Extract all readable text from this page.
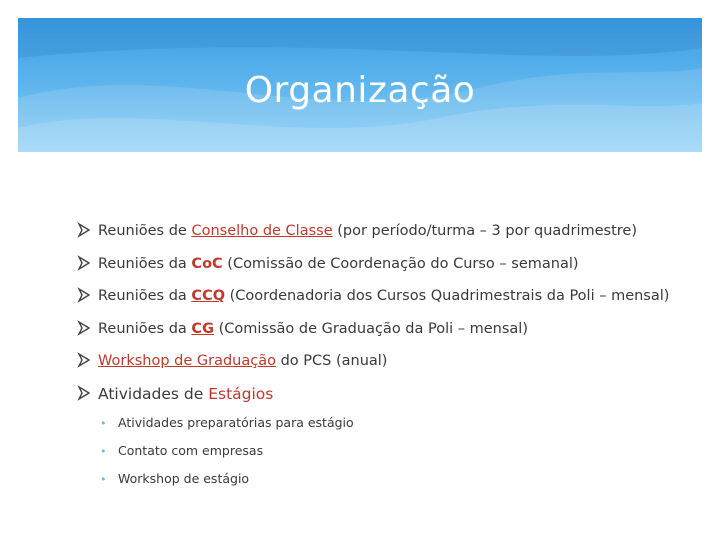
Organização
Reuniões de Conselho de Classe (por período/turma – 3 por quadrimestre)
Reuniões da CoC (Comissão de Coordenação do Curso – semanal)
Reuniões da CCQ (Coordenadoria dos Cursos Quadrimestrais da Poli – mensal)
Reuniões da CG (Comissão de Graduação da Poli – mensal)
Workshop de Graduação do PCS (anual)
Atividades de Estágios
• Atividades preparatórias para estágio
• Contato com empresas
• Workshop de estágio
